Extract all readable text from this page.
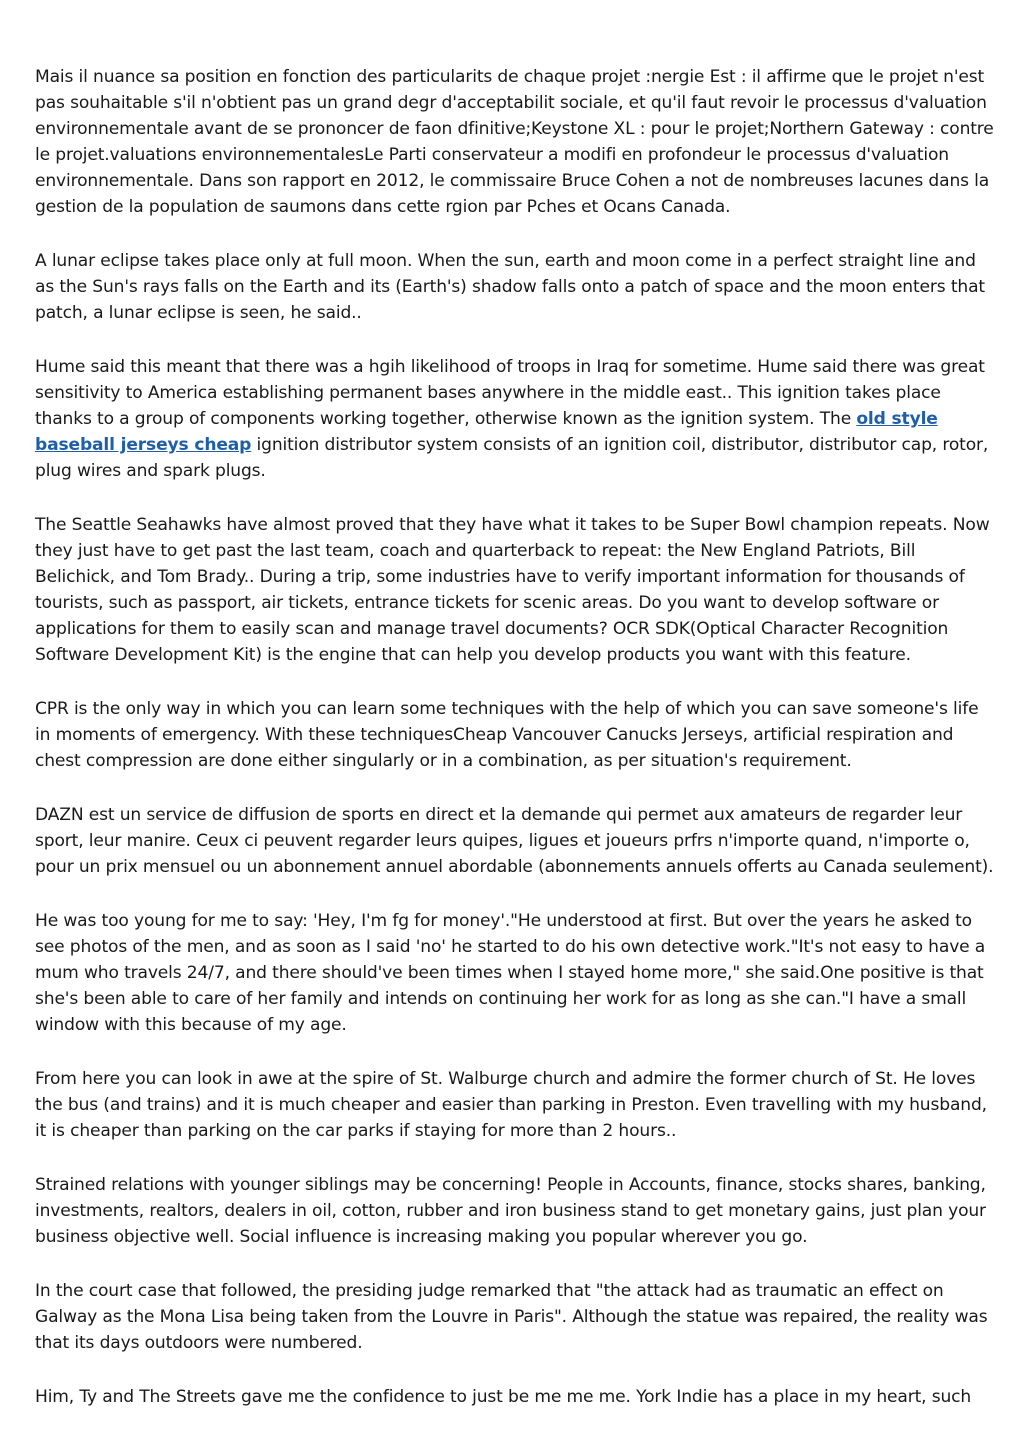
Mais il nuance sa position en fonction des particularits de chaque projet :nergie Est : il affirme que le projet n'est pas souhaitable s'il n'obtient pas un grand degr d'acceptabilit sociale, et qu'il faut revoir le processus d'valuation environnementale avant de se prononcer de faon dfinitive;Keystone XL : pour le projet;Northern Gateway : contre le projet.valuations environnementalesLe Parti conservateur a modifi en profondeur le processus d'valuation environnementale. Dans son rapport en 2012, le commissaire Bruce Cohen a not de nombreuses lacunes dans la gestion de la population de saumons dans cette rgion par Pches et Ocans Canada.

A lunar eclipse takes place only at full moon. When the sun, earth and moon come in a perfect straight line and as the Sun's rays falls on the Earth and its (Earth's) shadow falls onto a patch of space and the moon enters that patch, a lunar eclipse is seen, he said..

Hume said this meant that there was a hgih likelihood of troops in Iraq for sometime. Hume said there was great sensitivity to America establishing permanent bases anywhere in the middle east.. This ignition takes place thanks to a group of components working together, otherwise known as the ignition system. The old style baseball jerseys cheap ignition distributor system consists of an ignition coil, distributor, distributor cap, rotor, plug wires and spark plugs.

The Seattle Seahawks have almost proved that they have what it takes to be Super Bowl champion repeats. Now they just have to get past the last team, coach and quarterback to repeat: the New England Patriots, Bill Belichick, and Tom Brady.. During a trip, some industries have to verify important information for thousands of tourists, such as passport, air tickets, entrance tickets for scenic areas. Do you want to develop software or applications for them to easily scan and manage travel documents? OCR SDK(Optical Character Recognition Software Development Kit) is the engine that can help you develop products you want with this feature.

CPR is the only way in which you can learn some techniques with the help of which you can save someone's life in moments of emergency. With these techniquesCheap Vancouver Canucks Jerseys, artificial respiration and chest compression are done either singularly or in a combination, as per situation's requirement.

DAZN est un service de diffusion de sports en direct et la demande qui permet aux amateurs de regarder leur sport, leur manire. Ceux ci peuvent regarder leurs quipes, ligues et joueurs prfrs n'importe quand, n'importe o, pour un prix mensuel ou un abonnement annuel abordable (abonnements annuels offerts au Canada seulement).

He was too young for me to say: 'Hey, I'm fg for money'."He understood at first. But over the years he asked to see photos of the men, and as soon as I said 'no' he started to do his own detective work."It's not easy to have a mum who travels 24/7, and there should've been times when I stayed home more," she said.One positive is that she's been able to care of her family and intends on continuing her work for as long as she can."I have a small window with this because of my age.

From here you can look in awe at the spire of St. Walburge church and admire the former church of St. He loves the bus (and trains) and it is much cheaper and easier than parking in Preston. Even travelling with my husband, it is cheaper than parking on the car parks if staying for more than 2 hours..

Strained relations with younger siblings may be concerning! People in Accounts, finance, stocks shares, banking, investments, realtors, dealers in oil, cotton, rubber and iron business stand to get monetary gains, just plan your business objective well. Social influence is increasing making you popular wherever you go.

In the court case that followed, the presiding judge remarked that "the attack had as traumatic an effect on Galway as the Mona Lisa being taken from the Louvre in Paris". Although the statue was repaired, the reality was that its days outdoors were numbered.

Him, Ty and The Streets gave me the confidence to just be me me me. York Indie has a place in my heart, such
